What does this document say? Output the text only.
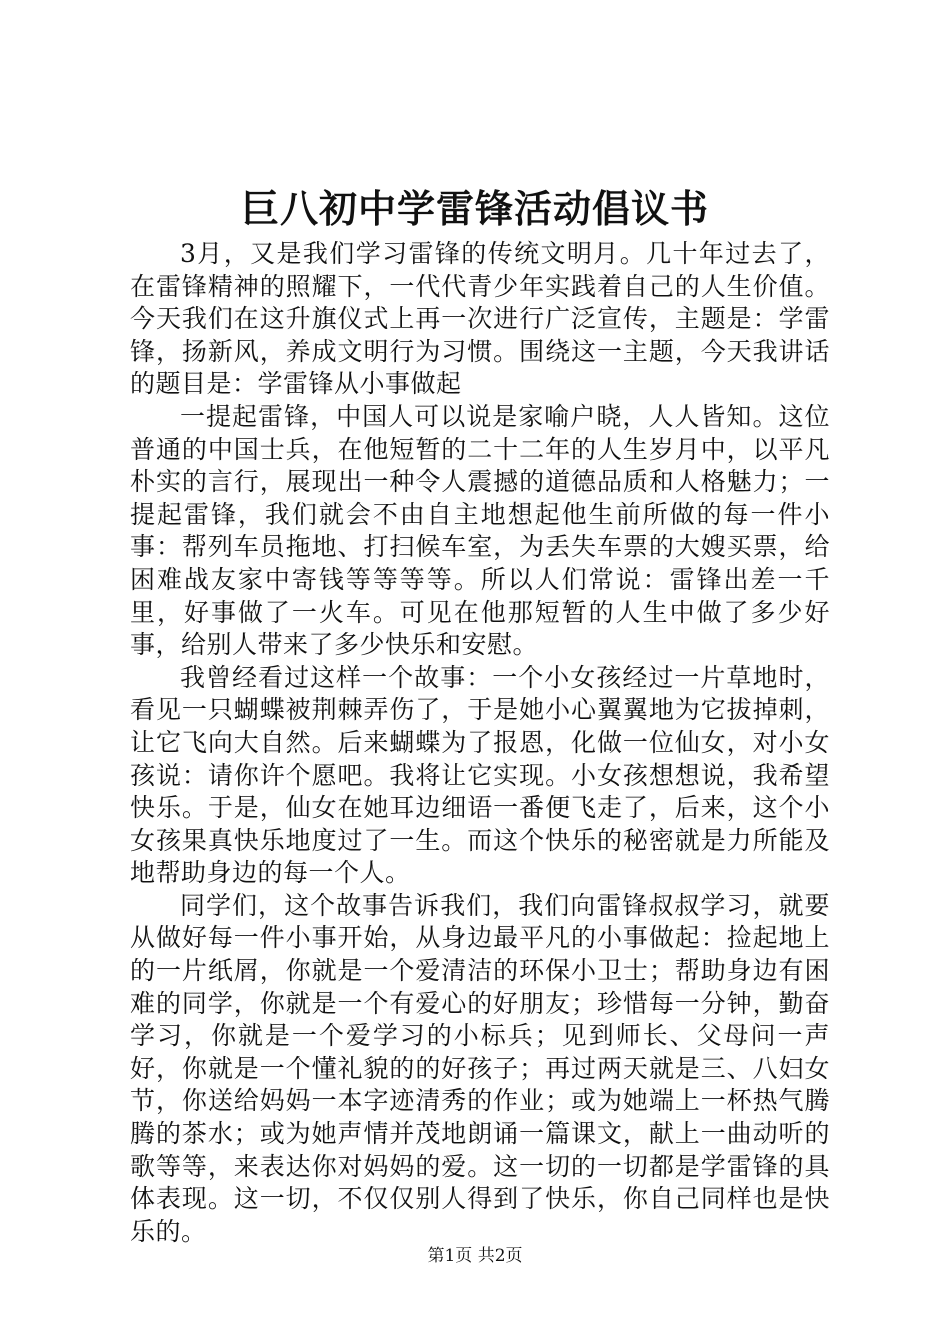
巨八初中学雷锋活动倡议书

3月，又是我们学习雷锋的传统文明月。几十年过去了，在雷锋精神的照耀下，一代代青少年实践着自己的人生价值。今天我们在这升旗仪式上再一次进行广泛宣传，主题是：学雷锋，扬新风，养成文明行为习惯。围绕这一主题，今天我讲话的题目是：学雷锋从小事做起

一提起雷锋，中国人可以说是家喻户晓，人人皆知。这位普通的中国士兵，在他短暂的二十二年的人生岁月中，以平凡朴实的言行，展现出一种令人震撼的道德品质和人格魅力；一提起雷锋，我们就会不由自主地想起他生前所做的每一件小事：帮列车员拖地、打扫候车室，为丢失车票的大嫂买票，给困难战友家中寄钱等等等等。所以人们常说：雷锋出差一千里，好事做了一火车。可见在他那短暂的人生中做了多少好事，给别人带来了多少快乐和安慰。

我曾经看过这样一个故事：一个小女孩经过一片草地时，看见一只蝴蝶被荆棘弄伤了，于是她小心翼翼地为它拔掉刺，让它飞向大自然。后来蝴蝶为了报恩，化做一位仙女，对小女孩说：请你许个愿吧。我将让它实现。小女孩想想说，我希望快乐。于是，仙女在她耳边细语一番便飞走了，后来，这个小女孩果真快乐地度过了一生。而这个快乐的秘密就是力所能及地帮助身边的每一个人。

同学们，这个故事告诉我们，我们向雷锋叔叔学习，就要从做好每一件小事开始，从身边最平凡的小事做起：捡起地上的一片纸屑，你就是一个爱清洁的环保小卫士；帮助身边有困难的同学，你就是一个有爱心的好朋友；珍惜每一分钟，勤奋学习，你就是一个爱学习的小标兵；见到师长、父母问一声好，你就是一个懂礼貌的的好孩子；再过两天就是三、八妇女节，你送给妈妈一本字迹清秀的作业；或为她端上一杯热气腾腾的茶水；或为她声情并茂地朗诵一篇课文，献上一曲动听的歌等等，来表达你对妈妈的爱。这一切的一切都是学雷锋的具体表现。这一切，不仅仅别人得到了快乐，你自己同样也是快乐的。

第1页 共2页
